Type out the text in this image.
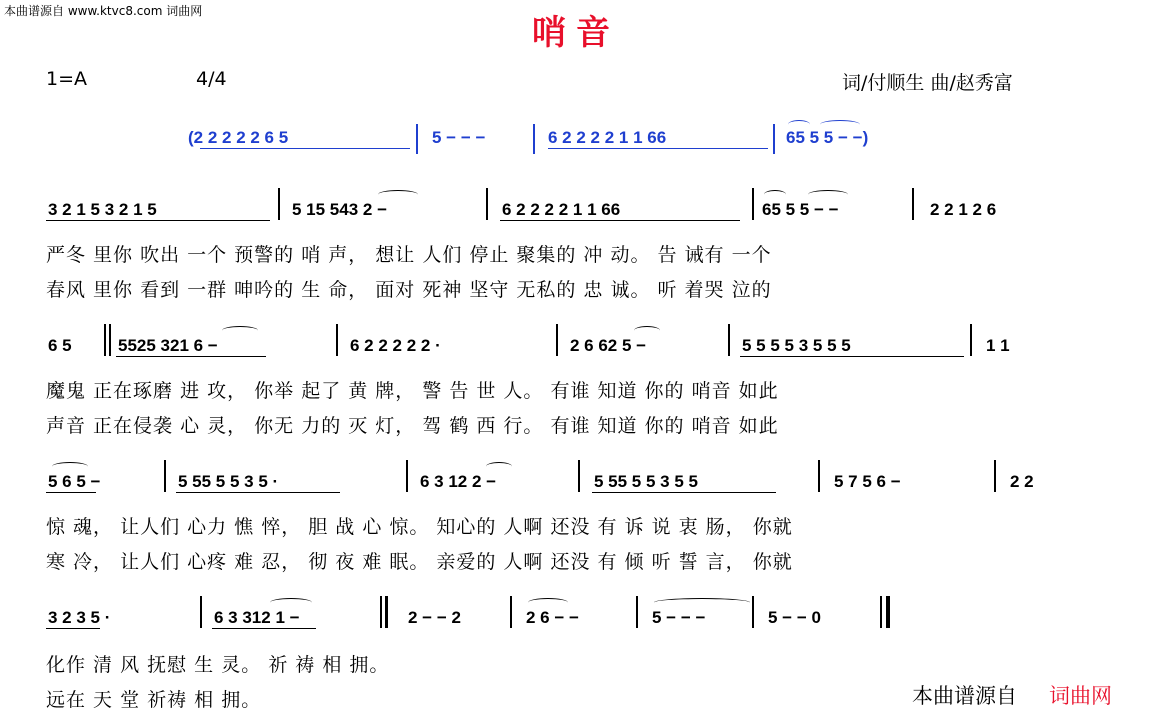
本曲谱源自 www.ktvc8.com 词曲网
哨音
1=A	4/4	词/付顺生 曲/赵秀富
(2 2 2 2 2 6 5	5 − − −	6 2 2 2 2 1 1 66	65 5 5 − −)
3 2 1 5 3 2 1 5	5 15 543 2 −	6 2 2 2 2 1 1 66	65 5 5 − −	2 2 1 2 6
严冬 里你 吹出 一个 预警的 哨 声， 想让 人们 停止 聚集的 冲 动。 告 诫有 一个
春风 里你 看到 一群 呻吟的 生 命， 面对 死神 坚守 无私的 忠 诚。 听 着哭 泣的
6 5	5525 321 6 −	6 2 2 2 2 2 ·	2 6 62 5 −	5 5 5 5 3 5 5 5	1 1
魔鬼 正在琢磨 进 攻， 你举 起了 黄 牌， 警 告 世 人。 有谁 知道 你的 哨音 如此
声音 正在侵袭 心 灵， 你无 力的 灭 灯， 驾 鹤 西 行。 有谁 知道 你的 哨音 如此
5 6 5 −	5 55 5 5 3 5 ·	6 3 12 2 −	5 55 5 5 3 5 5	5 7 5 6 −	2 2
惊 魂， 让人们 心力 憔 悴， 胆 战 心 惊。 知心的 人啊 还没 有 诉 说 衷 肠， 你就
寒 冷， 让人们 心疼 难 忍， 彻 夜 难 眠。 亲爱的 人啊 还没 有 倾 听 誓 言， 你就
3 2 3 5 ·	6 3 312 1 −	2 − − 2	2 6 − −	5 − − −	5 − − 0
化作 清 风 抚慰 生 灵。 祈 祷 相 拥。
远在 天 堂 祈祷 相 拥。	本曲谱源自 词曲网
